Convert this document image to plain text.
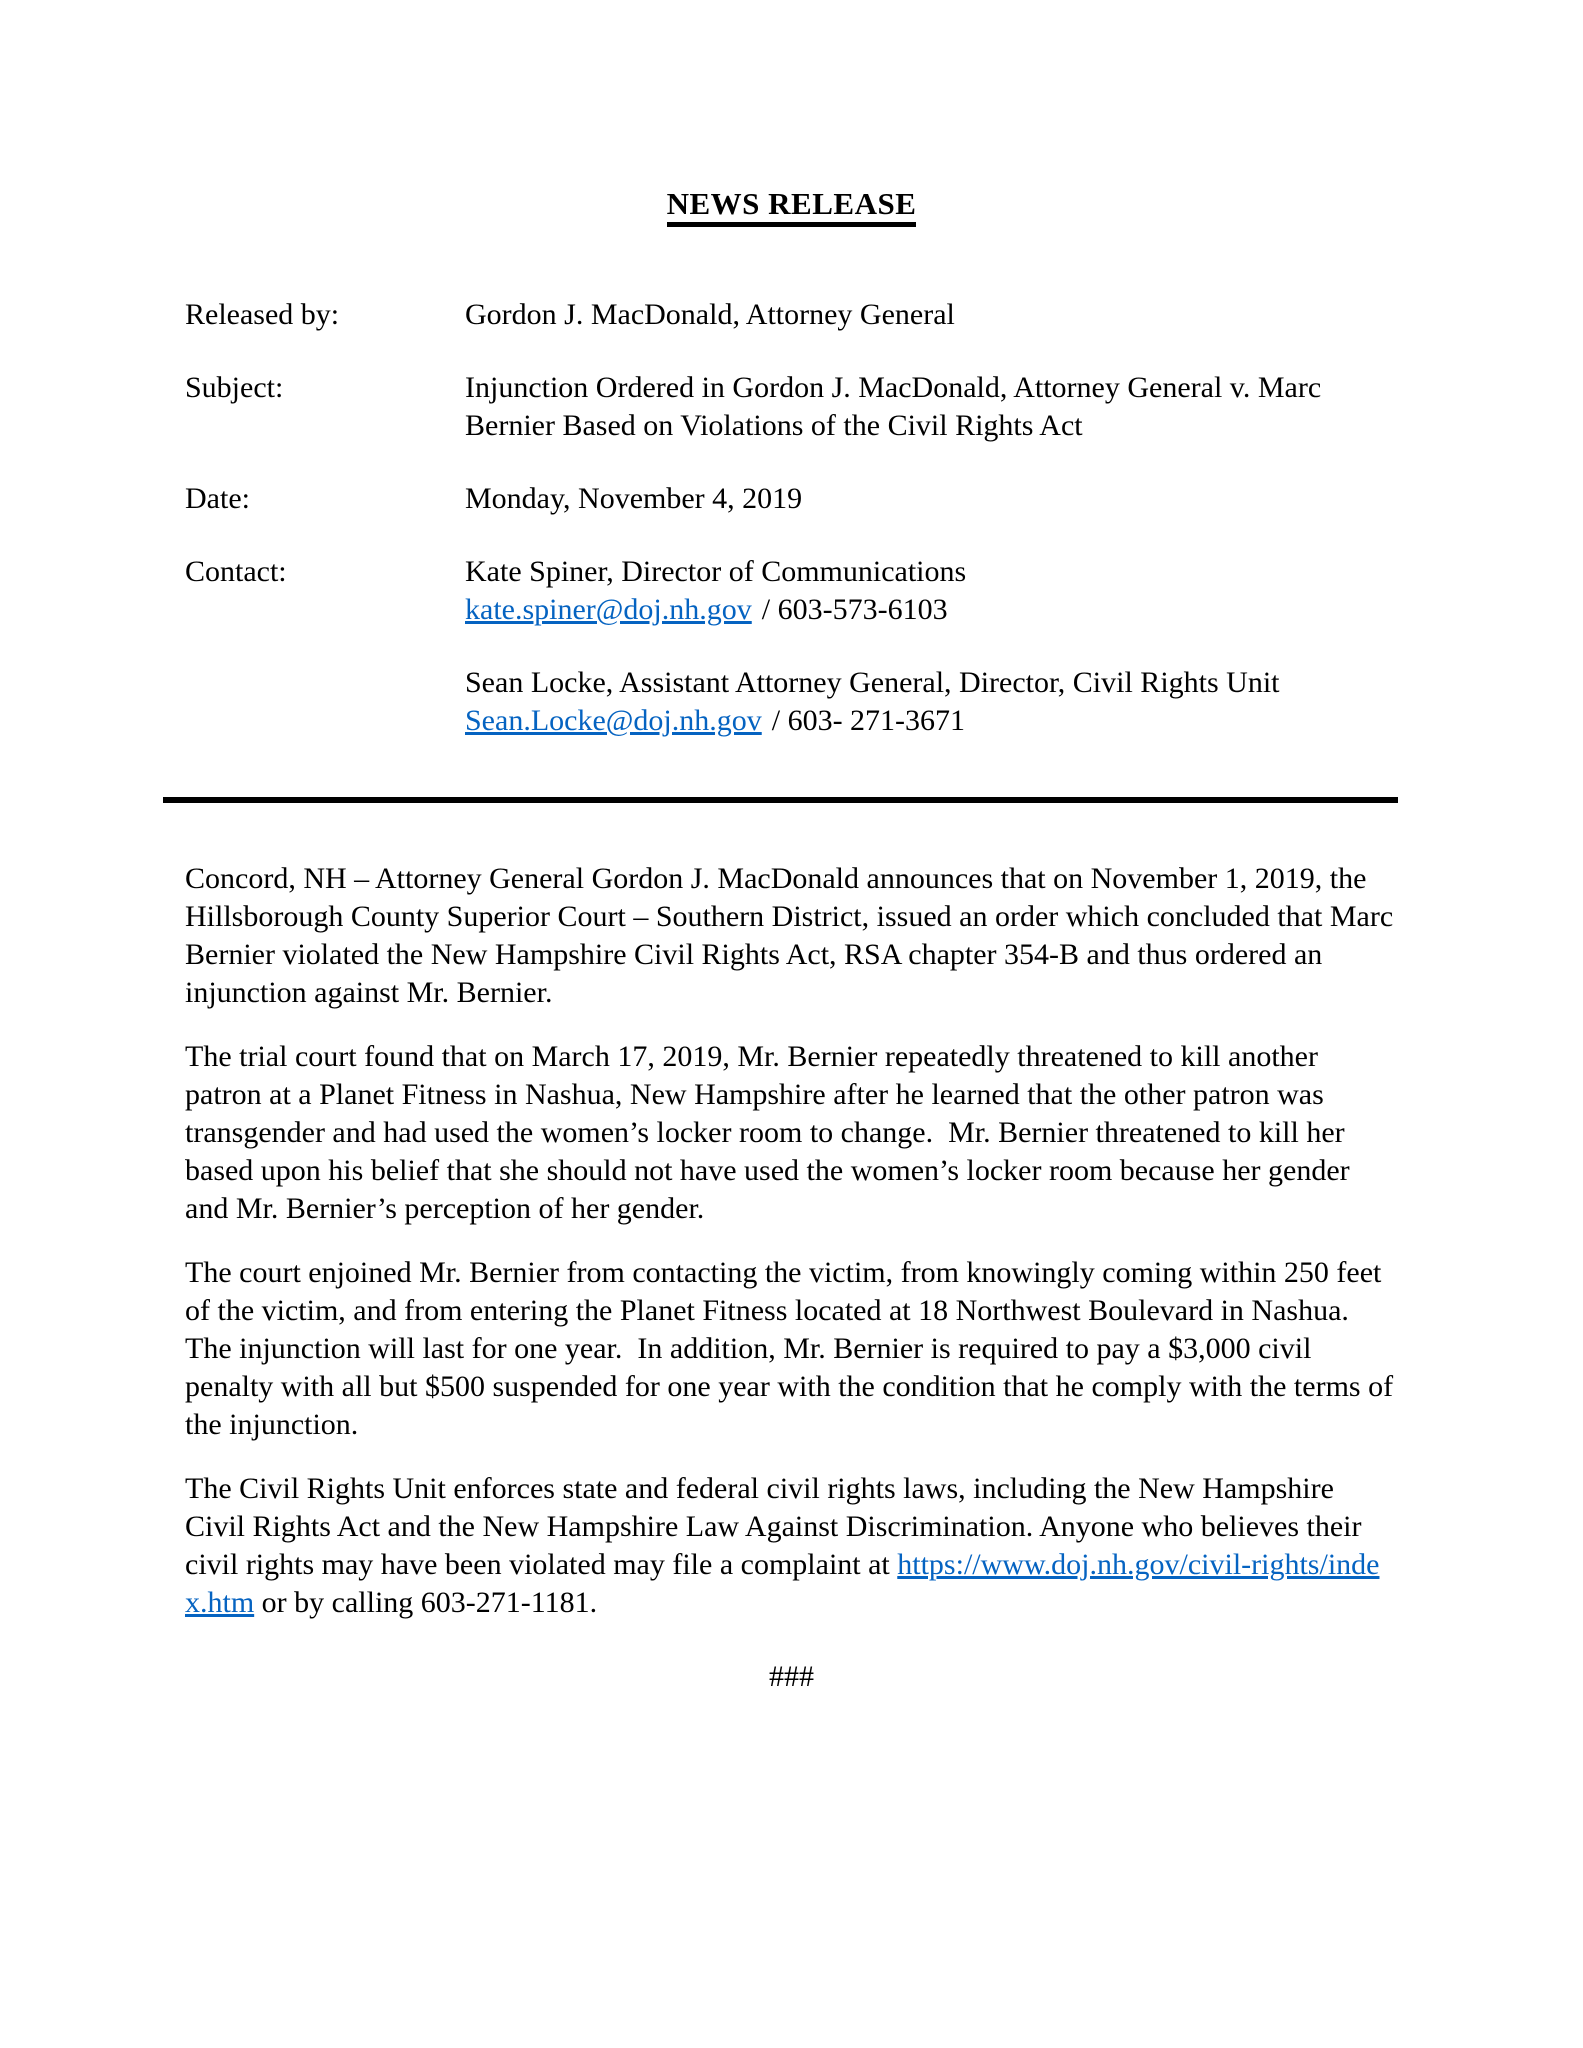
NEWS RELEASE
Released by:	Gordon J. MacDonald, Attorney General
Subject:	Injunction Ordered in Gordon J. MacDonald, Attorney General v. Marc Bernier Based on Violations of the Civil Rights Act
Date:	Monday, November 4, 2019
Contact:	Kate Spiner, Director of Communications
kate.spiner@doj.nh.gov / 603-573-6103
Sean Locke, Assistant Attorney General, Director, Civil Rights Unit
Sean.Locke@doj.nh.gov / 603- 271-3671

Concord, NH – Attorney General Gordon J. MacDonald announces that on November 1, 2019, the Hillsborough County Superior Court – Southern District, issued an order which concluded that Marc Bernier violated the New Hampshire Civil Rights Act, RSA chapter 354-B and thus ordered an injunction against Mr. Bernier.

The trial court found that on March 17, 2019, Mr. Bernier repeatedly threatened to kill another patron at a Planet Fitness in Nashua, New Hampshire after he learned that the other patron was transgender and had used the women’s locker room to change.  Mr. Bernier threatened to kill her based upon his belief that she should not have used the women’s locker room because her gender and Mr. Bernier’s perception of her gender.

The court enjoined Mr. Bernier from contacting the victim, from knowingly coming within 250 feet of the victim, and from entering the Planet Fitness located at 18 Northwest Boulevard in Nashua.  The injunction will last for one year.  In addition, Mr. Bernier is required to pay a $3,000 civil penalty with all but $500 suspended for one year with the condition that he comply with the terms of the injunction.

The Civil Rights Unit enforces state and federal civil rights laws, including the New Hampshire Civil Rights Act and the New Hampshire Law Against Discrimination. Anyone who believes their civil rights may have been violated may file a complaint at https://www.doj.nh.gov/civil-rights/index.htm or by calling 603-271-1181.

###
